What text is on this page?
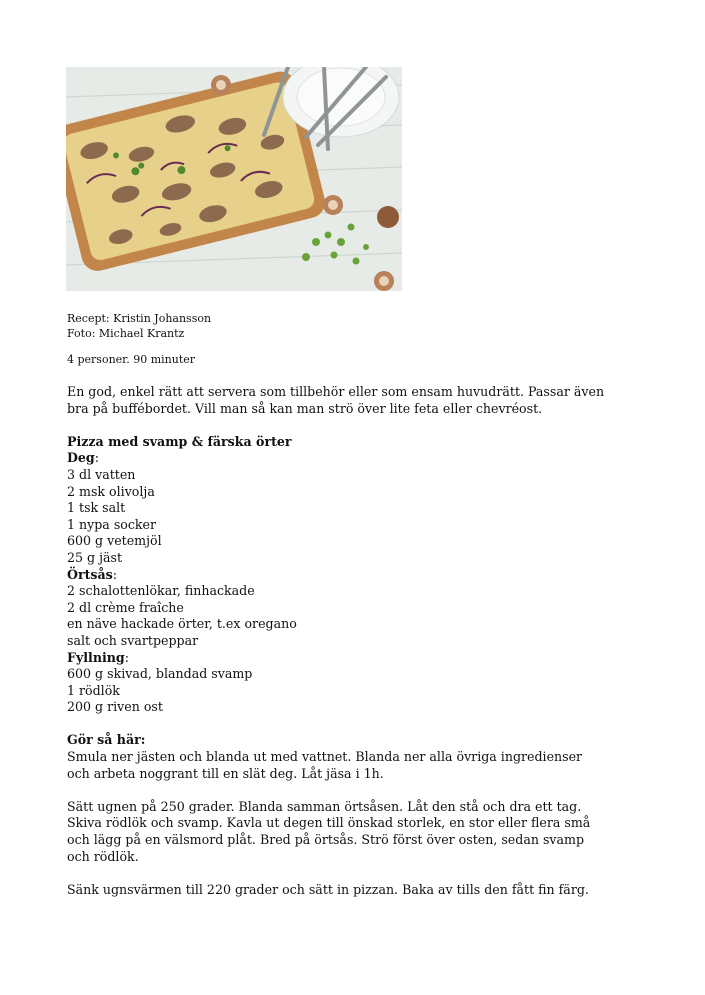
Recept: Kristin Johansson
Foto: Michael Krantz
4 personer. 90 minuter

En god, enkel rätt att servera som tillbehör eller som ensam huvudrätt. Passar även

bra på buffébordet. Vill man så kan man strö över lite feta eller chevréost.

Pizza med svamp & färska örter

Deg:

3 dl vatten
2 msk olivolja
1 tsk salt
1 nypa socker
600 g vetemjöl
25 g jäst

Örtsås:

2 schalottenlökar, finhackade
2 dl crème fraîche
en näve hackade örter, t.ex oregano
salt och svartpeppar

Fyllning:

600 g skivad, blandad svamp
1 rödlök
200 g riven ost

Gör så här:

Smula ner jästen och blanda ut med vattnet. Blanda ner alla övriga ingredienser

och arbeta noggrant till en slät deg. Låt jäsa i 1h.

Sätt ugnen på 250 grader. Blanda samman örtsåsen. Låt den stå och dra ett tag.

Skiva rödlök och svamp. Kavla ut degen till önskad storlek, en stor eller flera små

och lägg på en välsmord plåt. Bred på örtsås. Strö först över osten, sedan svamp

och rödlök.

Sänk ugnsvärmen till 220 grader och sätt in pizzan. Baka av tills den fått fin färg.
